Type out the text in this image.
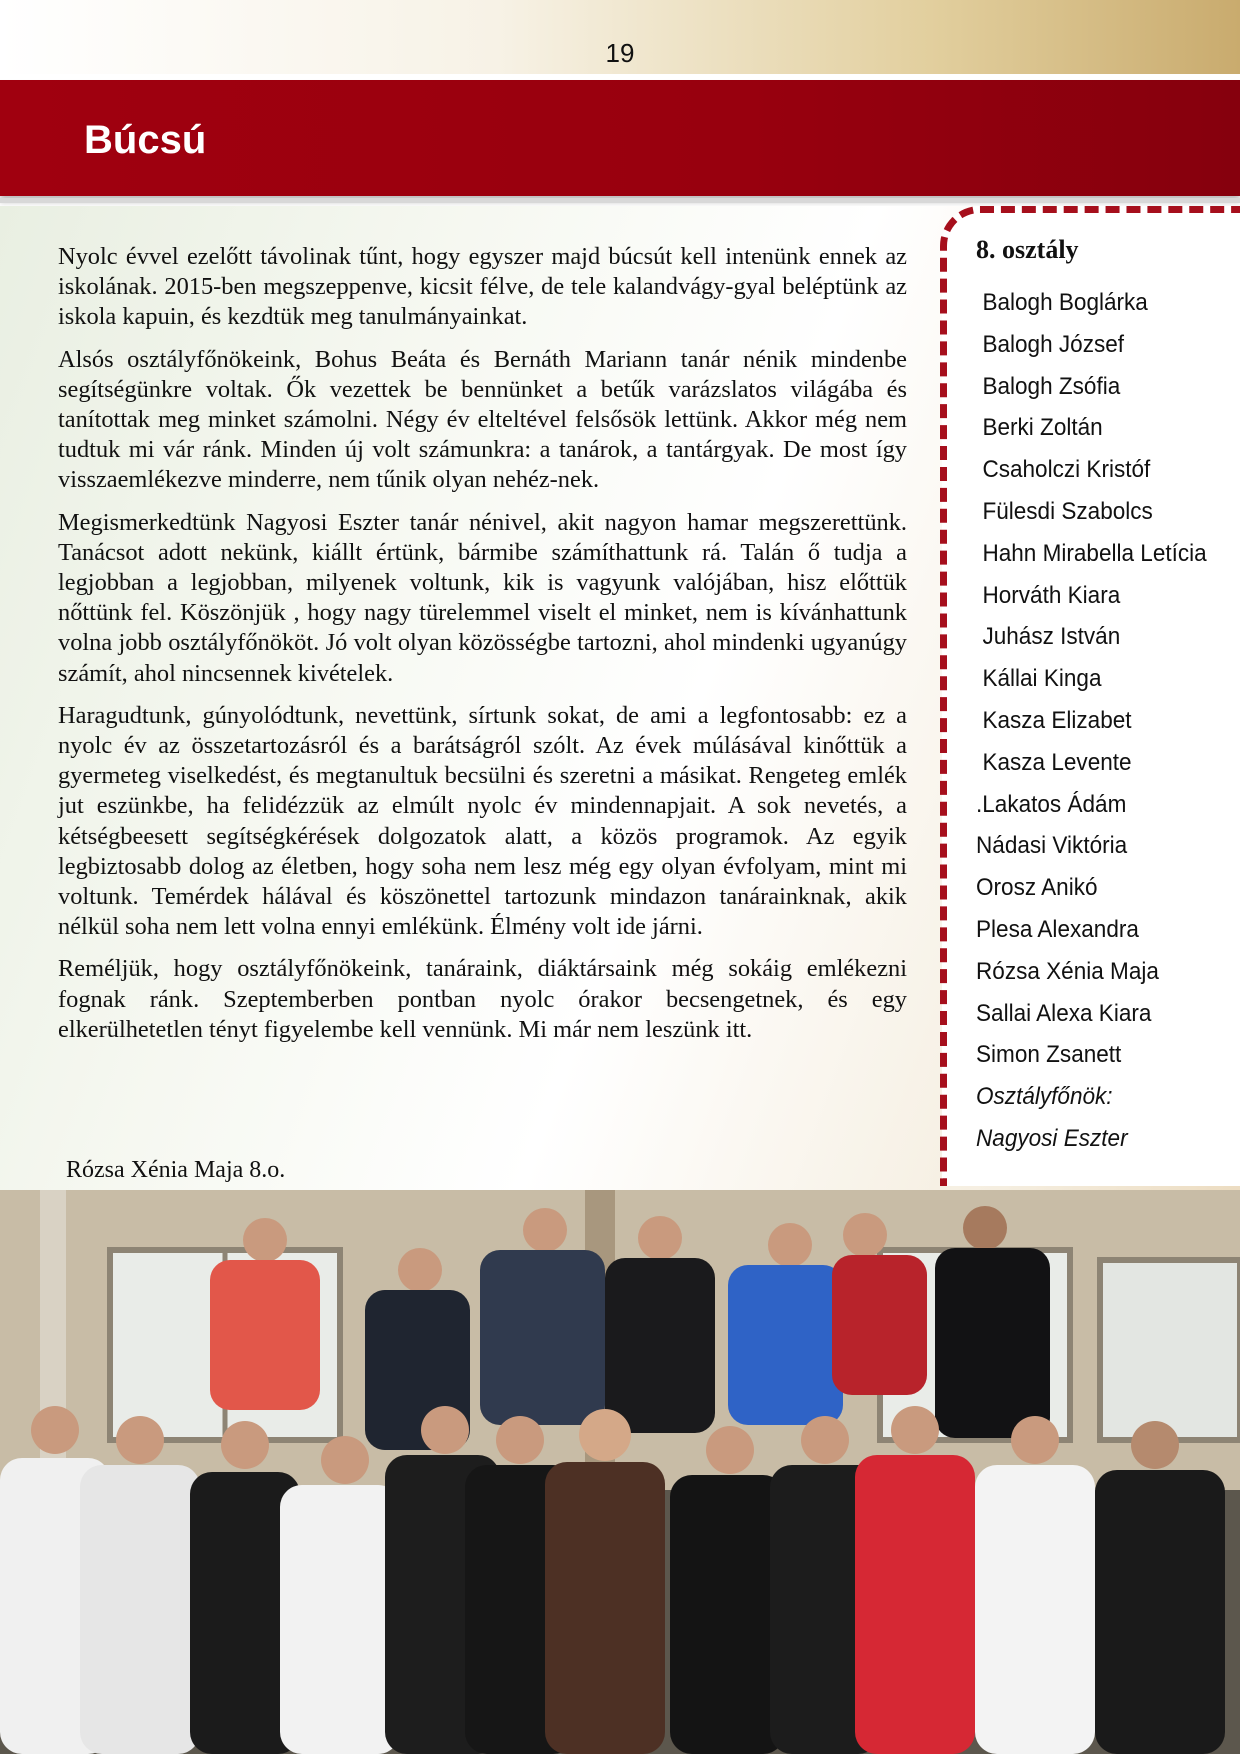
19
Búcsú

Nyolc évvel ezelőtt távolinak tűnt, hogy egyszer majd búcsút kell intenünk ennek az iskolának. 2015-ben megszeppenve, kicsit félve, de tele kalandvágy-gyal beléptünk az iskola kapuin, és kezdtük meg tanulmányainkat.

Alsós osztályfőnökeink, Bohus Beáta és Bernáth Mariann tanár nénik mindenbe segítségünkre voltak. Ők vezettek be bennünket a betűk varázslatos világába és tanítottak meg minket számolni. Négy év elteltével felsősök lettünk. Akkor még nem tudtuk mi vár ránk. Minden új volt számunkra: a tanárok, a tantárgyak. De most így visszaemlékezve minderre, nem tűnik olyan nehéz-nek.

Megismerkedtünk Nagyosi Eszter tanár nénivel, akit nagyon hamar megszerettünk. Tanácsot adott nekünk, kiállt értünk, bármibe számíthattunk rá. Talán ő tudja a legjobban a legjobban, milyenek voltunk, kik is vagyunk valójában, hisz előttük nőttünk fel. Köszönjük , hogy nagy türelemmel viselt el minket, nem is kívánhattunk volna jobb osztályfőnököt. Jó volt olyan közösségbe tartozni, ahol mindenki ugyanúgy számít, ahol nincsennek kivételek.

Haragudtunk, gúnyolódtunk, nevettünk, sírtunk sokat, de ami a legfontosabb: ez a nyolc év az összetartozásról és a barátságról szólt. Az évek múlásával kinőttük a gyermeteg viselkedést, és megtanultuk becsülni és szeretni a másikat. Rengeteg emlék jut eszünkbe, ha felidézzük az elmúlt nyolc év mindennapjait. A sok nevetés, a kétségbeesett segítségkérések dolgozatok alatt, a közös programok. Az egyik legbiztosabb dolog az életben, hogy soha nem lesz még egy olyan évfolyam, mint mi voltunk. Temérdek hálával és köszönettel tartozunk mindazon tanárainknak, akik nélkül soha nem lett volna ennyi emlékünk. Élmény volt ide járni.

Reméljük, hogy osztályfőnökeink, tanáraink, diáktársaink még sokáig emlékezni fognak ránk. Szeptemberben pontban nyolc órakor becsengetnek, és egy elkerülhetetlen tényt figyelembe kell vennünk. Mi már nem leszünk itt.

Rózsa Xénia Maja 8.o.
8. osztály
Balogh Boglárka
Balogh József
Balogh Zsófia
Berki Zoltán
Csaholczi Kristóf
Fülesdi Szabolcs
Hahn Mirabella Letícia
Horváth Kiara
Juhász István
Kállai Kinga
Kasza Elizabet
Kasza Levente
.Lakatos Ádám
Nádasi Viktória
Orosz Anikó
Plesa Alexandra
Rózsa Xénia Maja
Sallai Alexa Kiara
Simon Zsanett
Osztályfőnök:
Nagyosi Eszter
